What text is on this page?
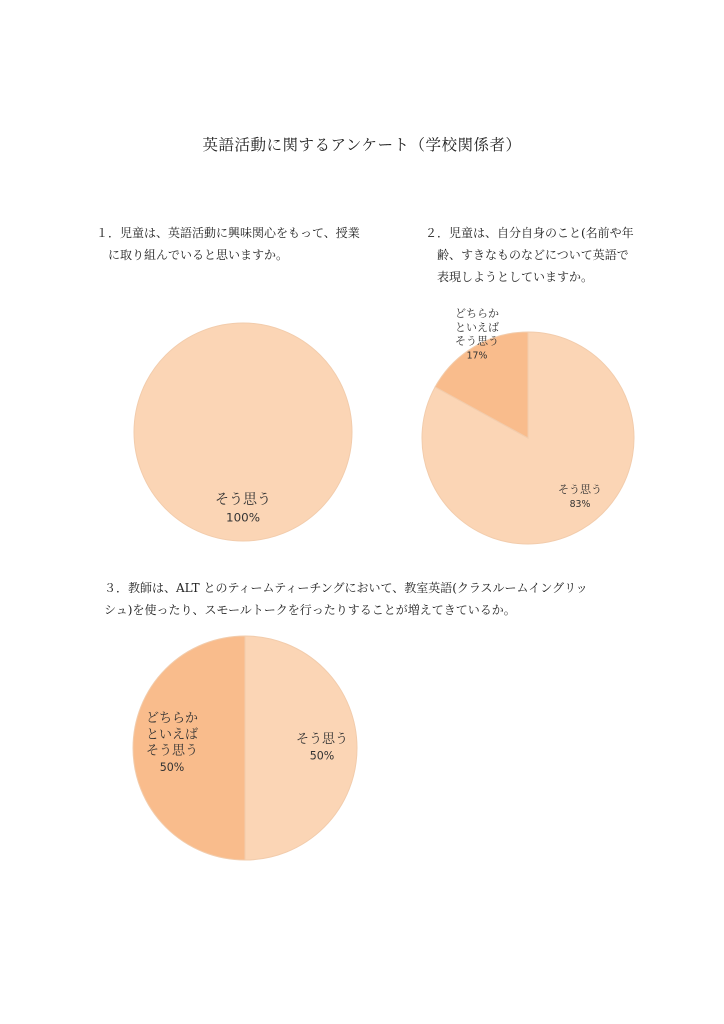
英語活動に関するアンケート（学校関係者）
１．児童は、英語活動に興味関心をもって、授業
　に取り組んでいると思いますか。
２．児童は、自分自身のこと(名前や年
　齢、すきなものなどについて英語で
　表現しようとしていますか。
３．教師は、ALT とのティームティーチングにおいて、教室英語(クラスルームイングリッ
シュ)を使ったり、スモールトークを行ったりすることが増えてきているか。
そう思う 100%
そう思う 83%
どちらかといえばそう思う 17%
そう思う 50%
どちらかといえばそう思う 50%
